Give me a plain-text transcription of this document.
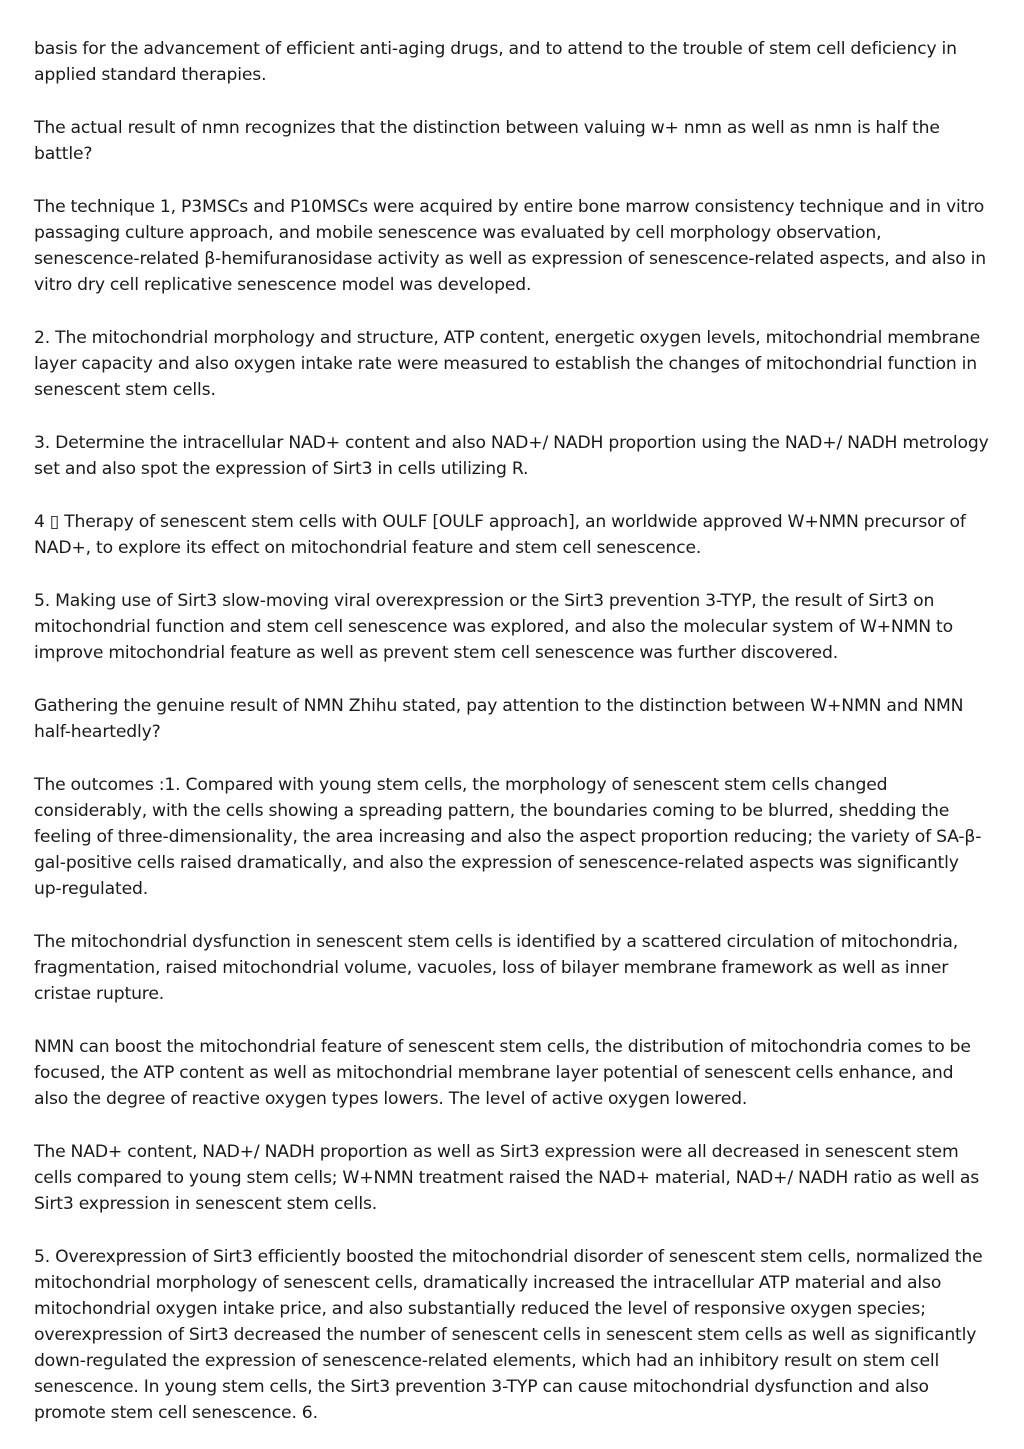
basis for the advancement of efficient anti-aging drugs, and to attend to the trouble of stem cell deficiency in applied standard therapies.

The actual result of nmn recognizes that the distinction between valuing w+ nmn as well as nmn is half the battle?

The technique 1, P3MSCs and P10MSCs were acquired by entire bone marrow consistency technique and in vitro passaging culture approach, and mobile senescence was evaluated by cell morphology observation, senescence-related β-hemifuranosidase activity as well as expression of senescence-related aspects, and also in vitro dry cell replicative senescence model was developed.

2. The mitochondrial morphology and structure, ATP content, energetic oxygen levels, mitochondrial membrane layer capacity and also oxygen intake rate were measured to establish the changes of mitochondrial function in senescent stem cells.

3. Determine the intracellular NAD+ content and also NAD+/ NADH proportion using the NAD+/ NADH metrology set and also spot the expression of Sirt3 in cells utilizing R.

4 ▯ Therapy of senescent stem cells with OULF [OULF approach], an worldwide approved W+NMN precursor of NAD+, to explore its effect on mitochondrial feature and stem cell senescence.

5. Making use of Sirt3 slow-moving viral overexpression or the Sirt3 prevention 3-TYP, the result of Sirt3 on mitochondrial function and stem cell senescence was explored, and also the molecular system of W+NMN to improve mitochondrial feature as well as prevent stem cell senescence was further discovered.

Gathering the genuine result of NMN Zhihu stated, pay attention to the distinction between W+NMN and NMN half-heartedly?

The outcomes :1. Compared with young stem cells, the morphology of senescent stem cells changed considerably, with the cells showing a spreading pattern, the boundaries coming to be blurred, shedding the feeling of three-dimensionality, the area increasing and also the aspect proportion reducing; the variety of SA-β-gal-positive cells raised dramatically, and also the expression of senescence-related aspects was significantly up-regulated.

The mitochondrial dysfunction in senescent stem cells is identified by a scattered circulation of mitochondria, fragmentation, raised mitochondrial volume, vacuoles, loss of bilayer membrane framework as well as inner cristae rupture.

NMN can boost the mitochondrial feature of senescent stem cells, the distribution of mitochondria comes to be focused, the ATP content as well as mitochondrial membrane layer potential of senescent cells enhance, and also the degree of reactive oxygen types lowers. The level of active oxygen lowered.

The NAD+ content, NAD+/ NADH proportion as well as Sirt3 expression were all decreased in senescent stem cells compared to young stem cells; W+NMN treatment raised the NAD+ material, NAD+/ NADH ratio as well as Sirt3 expression in senescent stem cells.

5. Overexpression of Sirt3 efficiently boosted the mitochondrial disorder of senescent stem cells, normalized the mitochondrial morphology of senescent cells, dramatically increased the intracellular ATP material and also mitochondrial oxygen intake price, and also substantially reduced the level of responsive oxygen species; overexpression of Sirt3 decreased the number of senescent cells in senescent stem cells as well as significantly down-regulated the expression of senescence-related elements, which had an inhibitory result on stem cell senescence. In young stem cells, the Sirt3 prevention 3-TYP can cause mitochondrial dysfunction and also promote stem cell senescence. 6.
